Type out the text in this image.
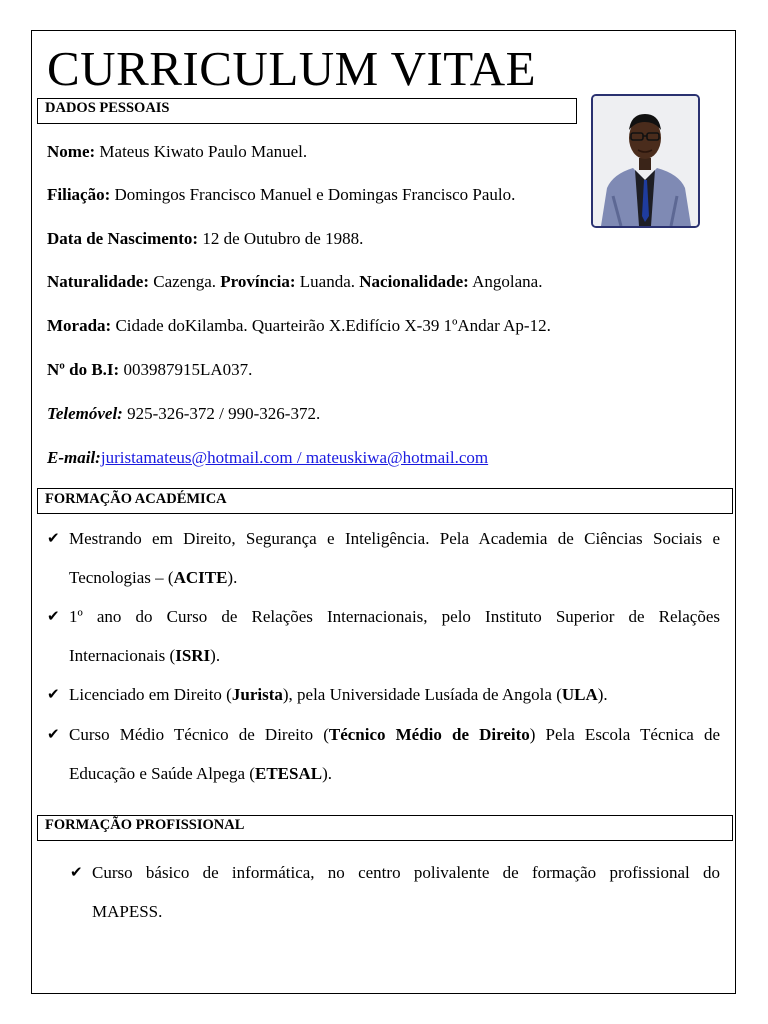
CURRICULUM VITAE
DADOS PESSOAIS
Nome: Mateus Kiwato Paulo Manuel.
Filiação: Domingos Francisco Manuel e Domingas Francisco Paulo.
Data de Nascimento: 12 de Outubro de 1988.
Naturalidade: Cazenga. Província: Luanda. Nacionalidade: Angolana.
Morada: Cidade doKilamba. Quarteirão X.Edifício X-39 1ºAndar Ap-12.
Nº do B.I: 003987915LA037.
Telemóvel: 925-326-372 / 990-326-372.
E-mail:juristamateus@hotmail.com / mateuskiwa@hotmail.com
FORMAÇÃO ACADÉMICA
✔ Mestrando em Direito, Segurança e Inteligência. Pela Academia de Ciências Sociais e
Tecnologias – (ACITE).
✔ 1º ano do Curso de Relações Internacionais, pelo Instituto Superior de Relações
Internacionais (ISRI).
✔ Licenciado em Direito (Jurista), pela Universidade Lusíada de Angola (ULA).
✔ Curso Médio Técnico de Direito (Técnico Médio de Direito) Pela Escola Técnica de
Educação e Saúde Alpega (ETESAL).
FORMAÇÃO PROFISSIONAL
✔ Curso básico de informática, no centro polivalente de formação profissional do
MAPESS.
